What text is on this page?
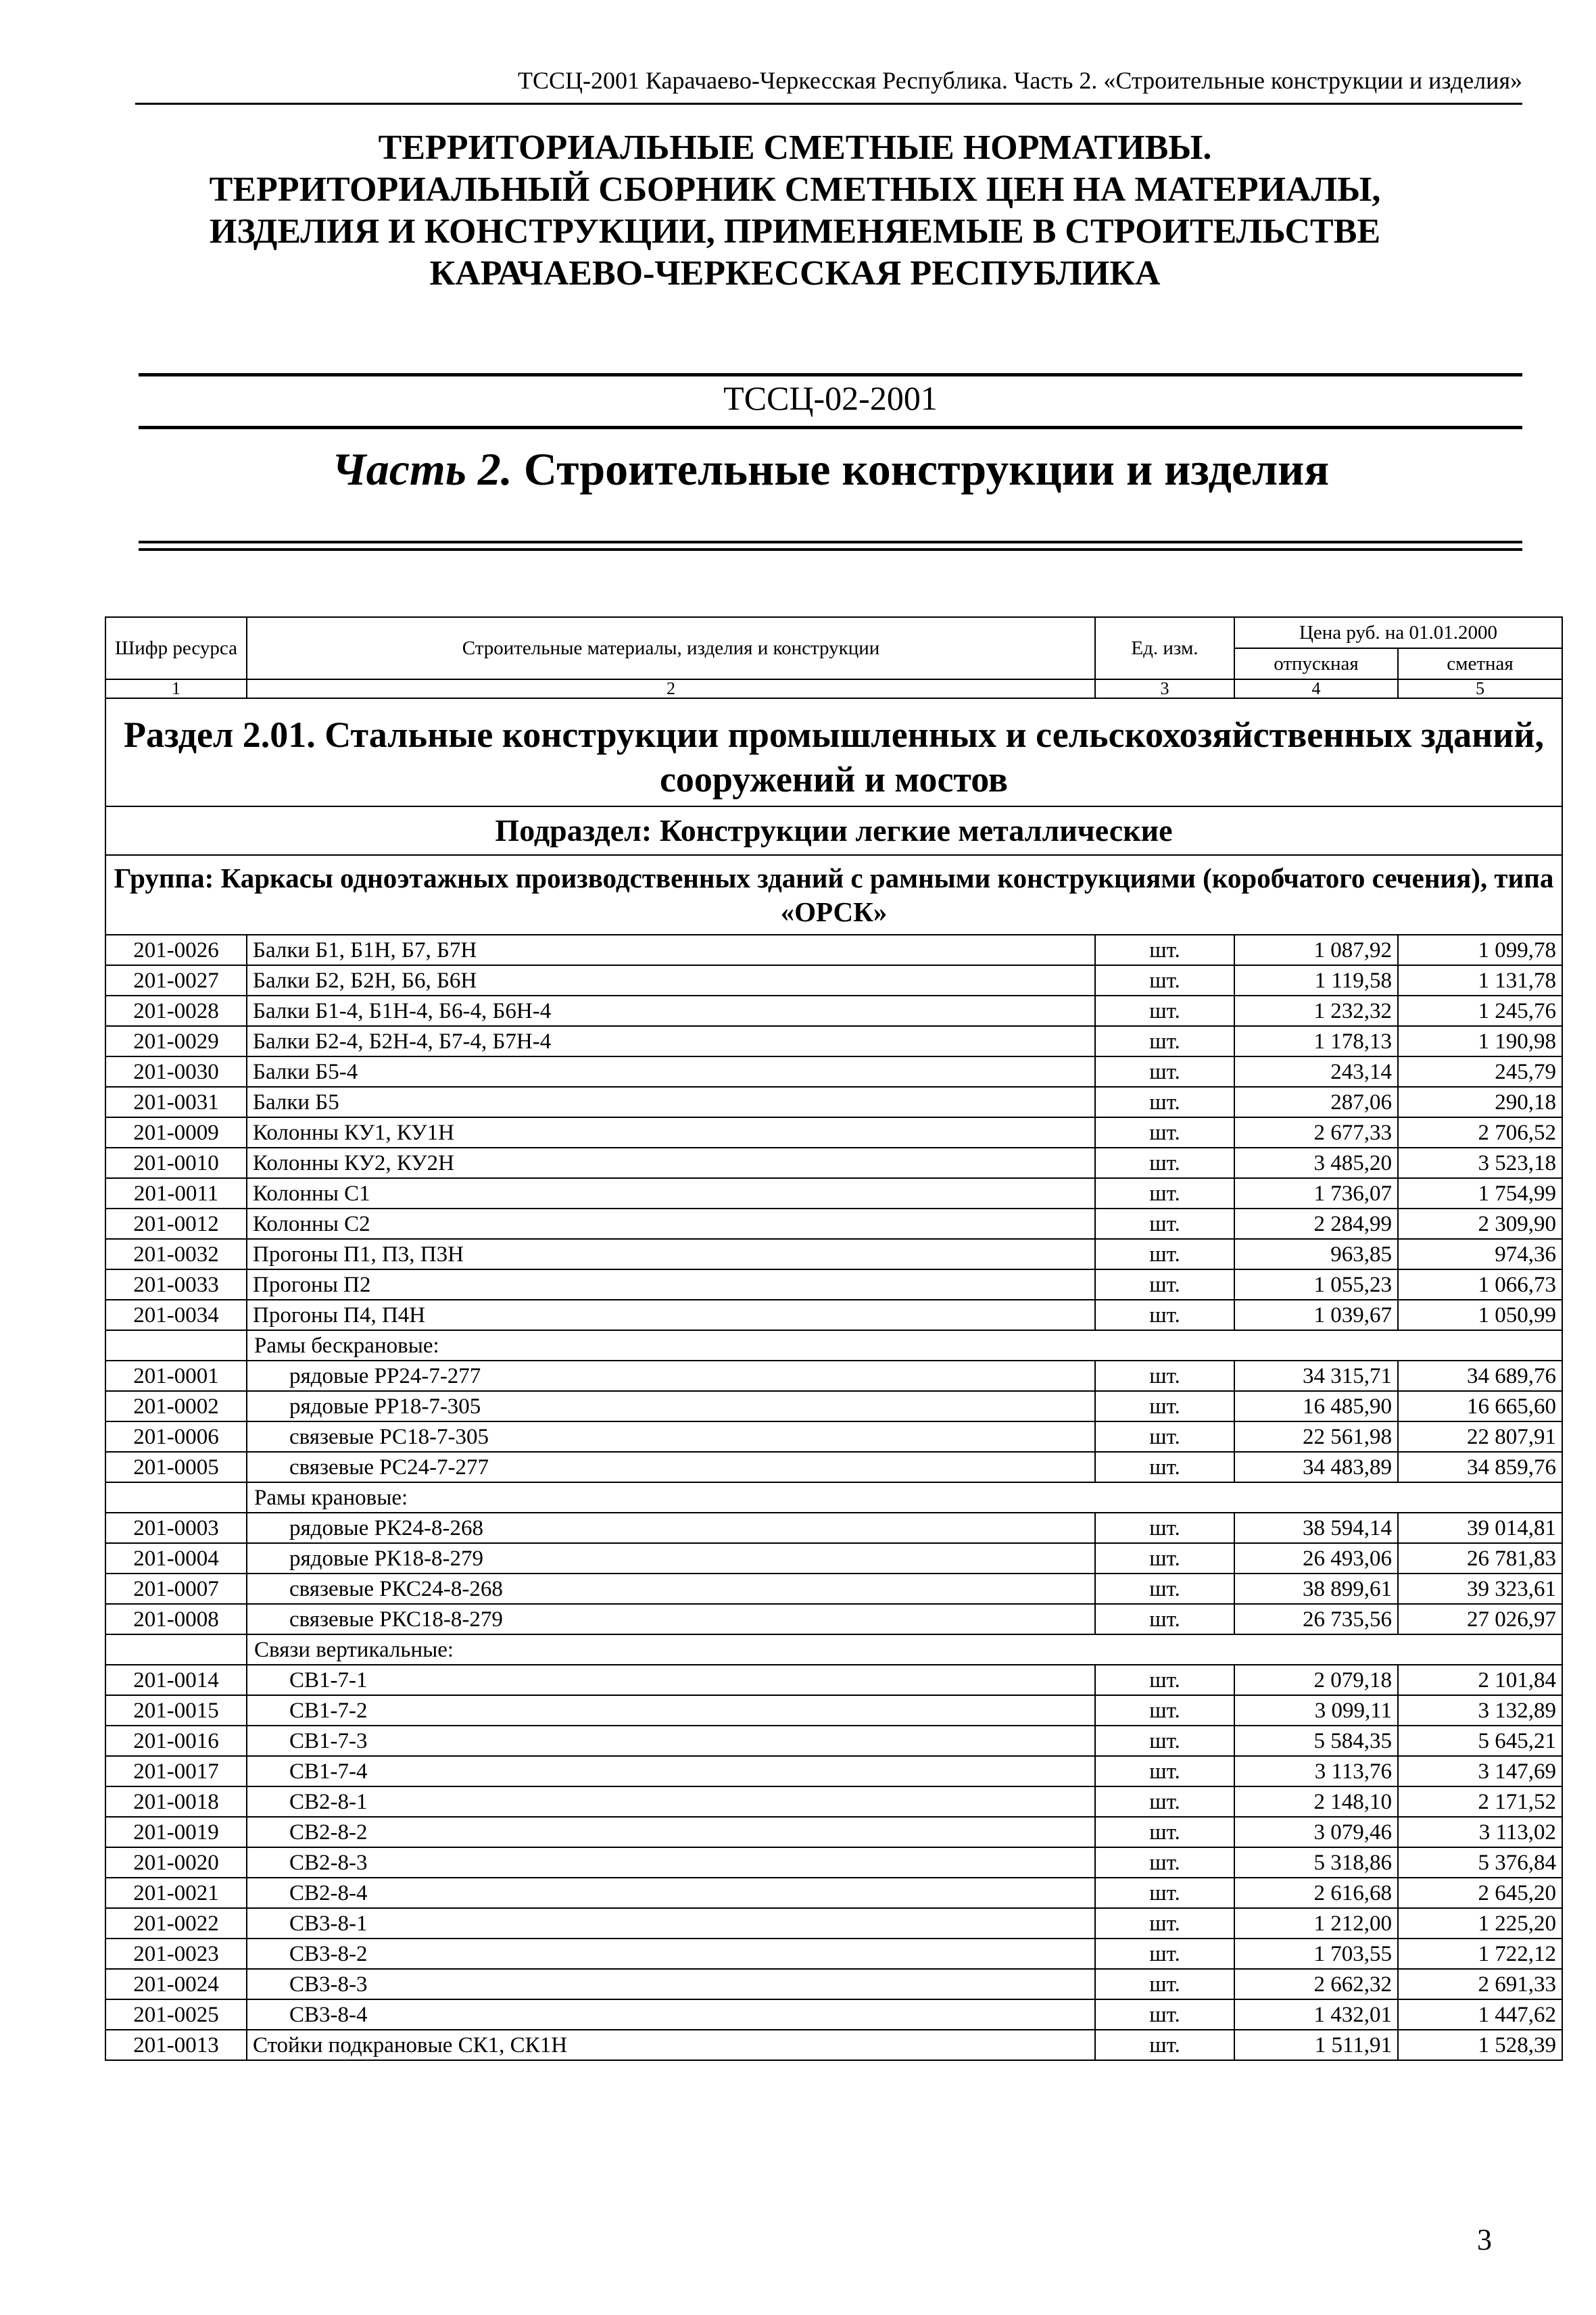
ТССЦ-2001 Карачаево-Черкесская Республика. Часть 2. «Строительные конструкции и изделия»
ТЕРРИТОРИАЛЬНЫЕ СМЕТНЫЕ НОРМАТИВЫ.
ТЕРРИТОРИАЛЬНЫЙ СБОРНИК СМЕТНЫХ ЦЕН НА МАТЕРИАЛЫ,
ИЗДЕЛИЯ И КОНСТРУКЦИИ, ПРИМЕНЯЕМЫЕ В СТРОИТЕЛЬСТВЕ
КАРАЧАЕВО-ЧЕРКЕССКАЯ РЕСПУБЛИКА
ТССЦ-02-2001
Часть 2. Строительные конструкции и изделия
Шифр ресурса	Строительные материалы, изделия и конструкции	Ед. изм.	Цена руб. на 01.01.2000	
			отпускная	сметная
1	2	3	4	5
Раздел 2.01. Стальные конструкции промышленных и сельскохозяйственных зданий, сооружений и мостов				
Подраздел: Конструкции легкие металлические				
Группа: Каркасы одноэтажных производственных зданий с рамными конструкциями (коробчатого сечения), типа «ОРСК»				
201-0026	Балки Б1, Б1Н, Б7, Б7Н	шт.	1 087,92	1 099,78
201-0027	Балки Б2, Б2Н, Б6, Б6Н	шт.	1 119,58	1 131,78
201-0028	Балки Б1-4, Б1Н-4, Б6-4, Б6Н-4	шт.	1 232,32	1 245,76
201-0029	Балки Б2-4, Б2Н-4, Б7-4, Б7Н-4	шт.	1 178,13	1 190,98
201-0030	Балки Б5-4	шт.	243,14	245,79
201-0031	Балки Б5	шт.	287,06	290,18
201-0009	Колонны КУ1, КУ1Н	шт.	2 677,33	2 706,52
201-0010	Колонны КУ2, КУ2Н	шт.	3 485,20	3 523,18
201-0011	Колонны С1	шт.	1 736,07	1 754,99
201-0012	Колонны С2	шт.	2 284,99	2 309,90
201-0032	Прогоны П1, П3, П3Н	шт.	963,85	974,36
201-0033	Прогоны П2	шт.	1 055,23	1 066,73
201-0034	Прогоны П4, П4Н	шт.	1 039,67	1 050,99
	Рамы бескрановые:			
201-0001	рядовые РР24-7-277	шт.	34 315,71	34 689,76
201-0002	рядовые РР18-7-305	шт.	16 485,90	16 665,60
201-0006	связевые РС18-7-305	шт.	22 561,98	22 807,91
201-0005	связевые РС24-7-277	шт.	34 483,89	34 859,76
	Рамы крановые:			
201-0003	рядовые РК24-8-268	шт.	38 594,14	39 014,81
201-0004	рядовые РК18-8-279	шт.	26 493,06	26 781,83
201-0007	связевые РКС24-8-268	шт.	38 899,61	39 323,61
201-0008	связевые РКС18-8-279	шт.	26 735,56	27 026,97
	Связи вертикальные:			
201-0014	СВ1-7-1	шт.	2 079,18	2 101,84
201-0015	СВ1-7-2	шт.	3 099,11	3 132,89
201-0016	СВ1-7-3	шт.	5 584,35	5 645,21
201-0017	СВ1-7-4	шт.	3 113,76	3 147,69
201-0018	СВ2-8-1	шт.	2 148,10	2 171,52
201-0019	СВ2-8-2	шт.	3 079,46	3 113,02
201-0020	СВ2-8-3	шт.	5 318,86	5 376,84
201-0021	СВ2-8-4	шт.	2 616,68	2 645,20
201-0022	СВ3-8-1	шт.	1 212,00	1 225,20
201-0023	СВ3-8-2	шт.	1 703,55	1 722,12
201-0024	СВ3-8-3	шт.	2 662,32	2 691,33
201-0025	СВ3-8-4	шт.	1 432,01	1 447,62
201-0013	Стойки подкрановые СК1, СК1Н	шт.	1 511,91	1 528,39
3
